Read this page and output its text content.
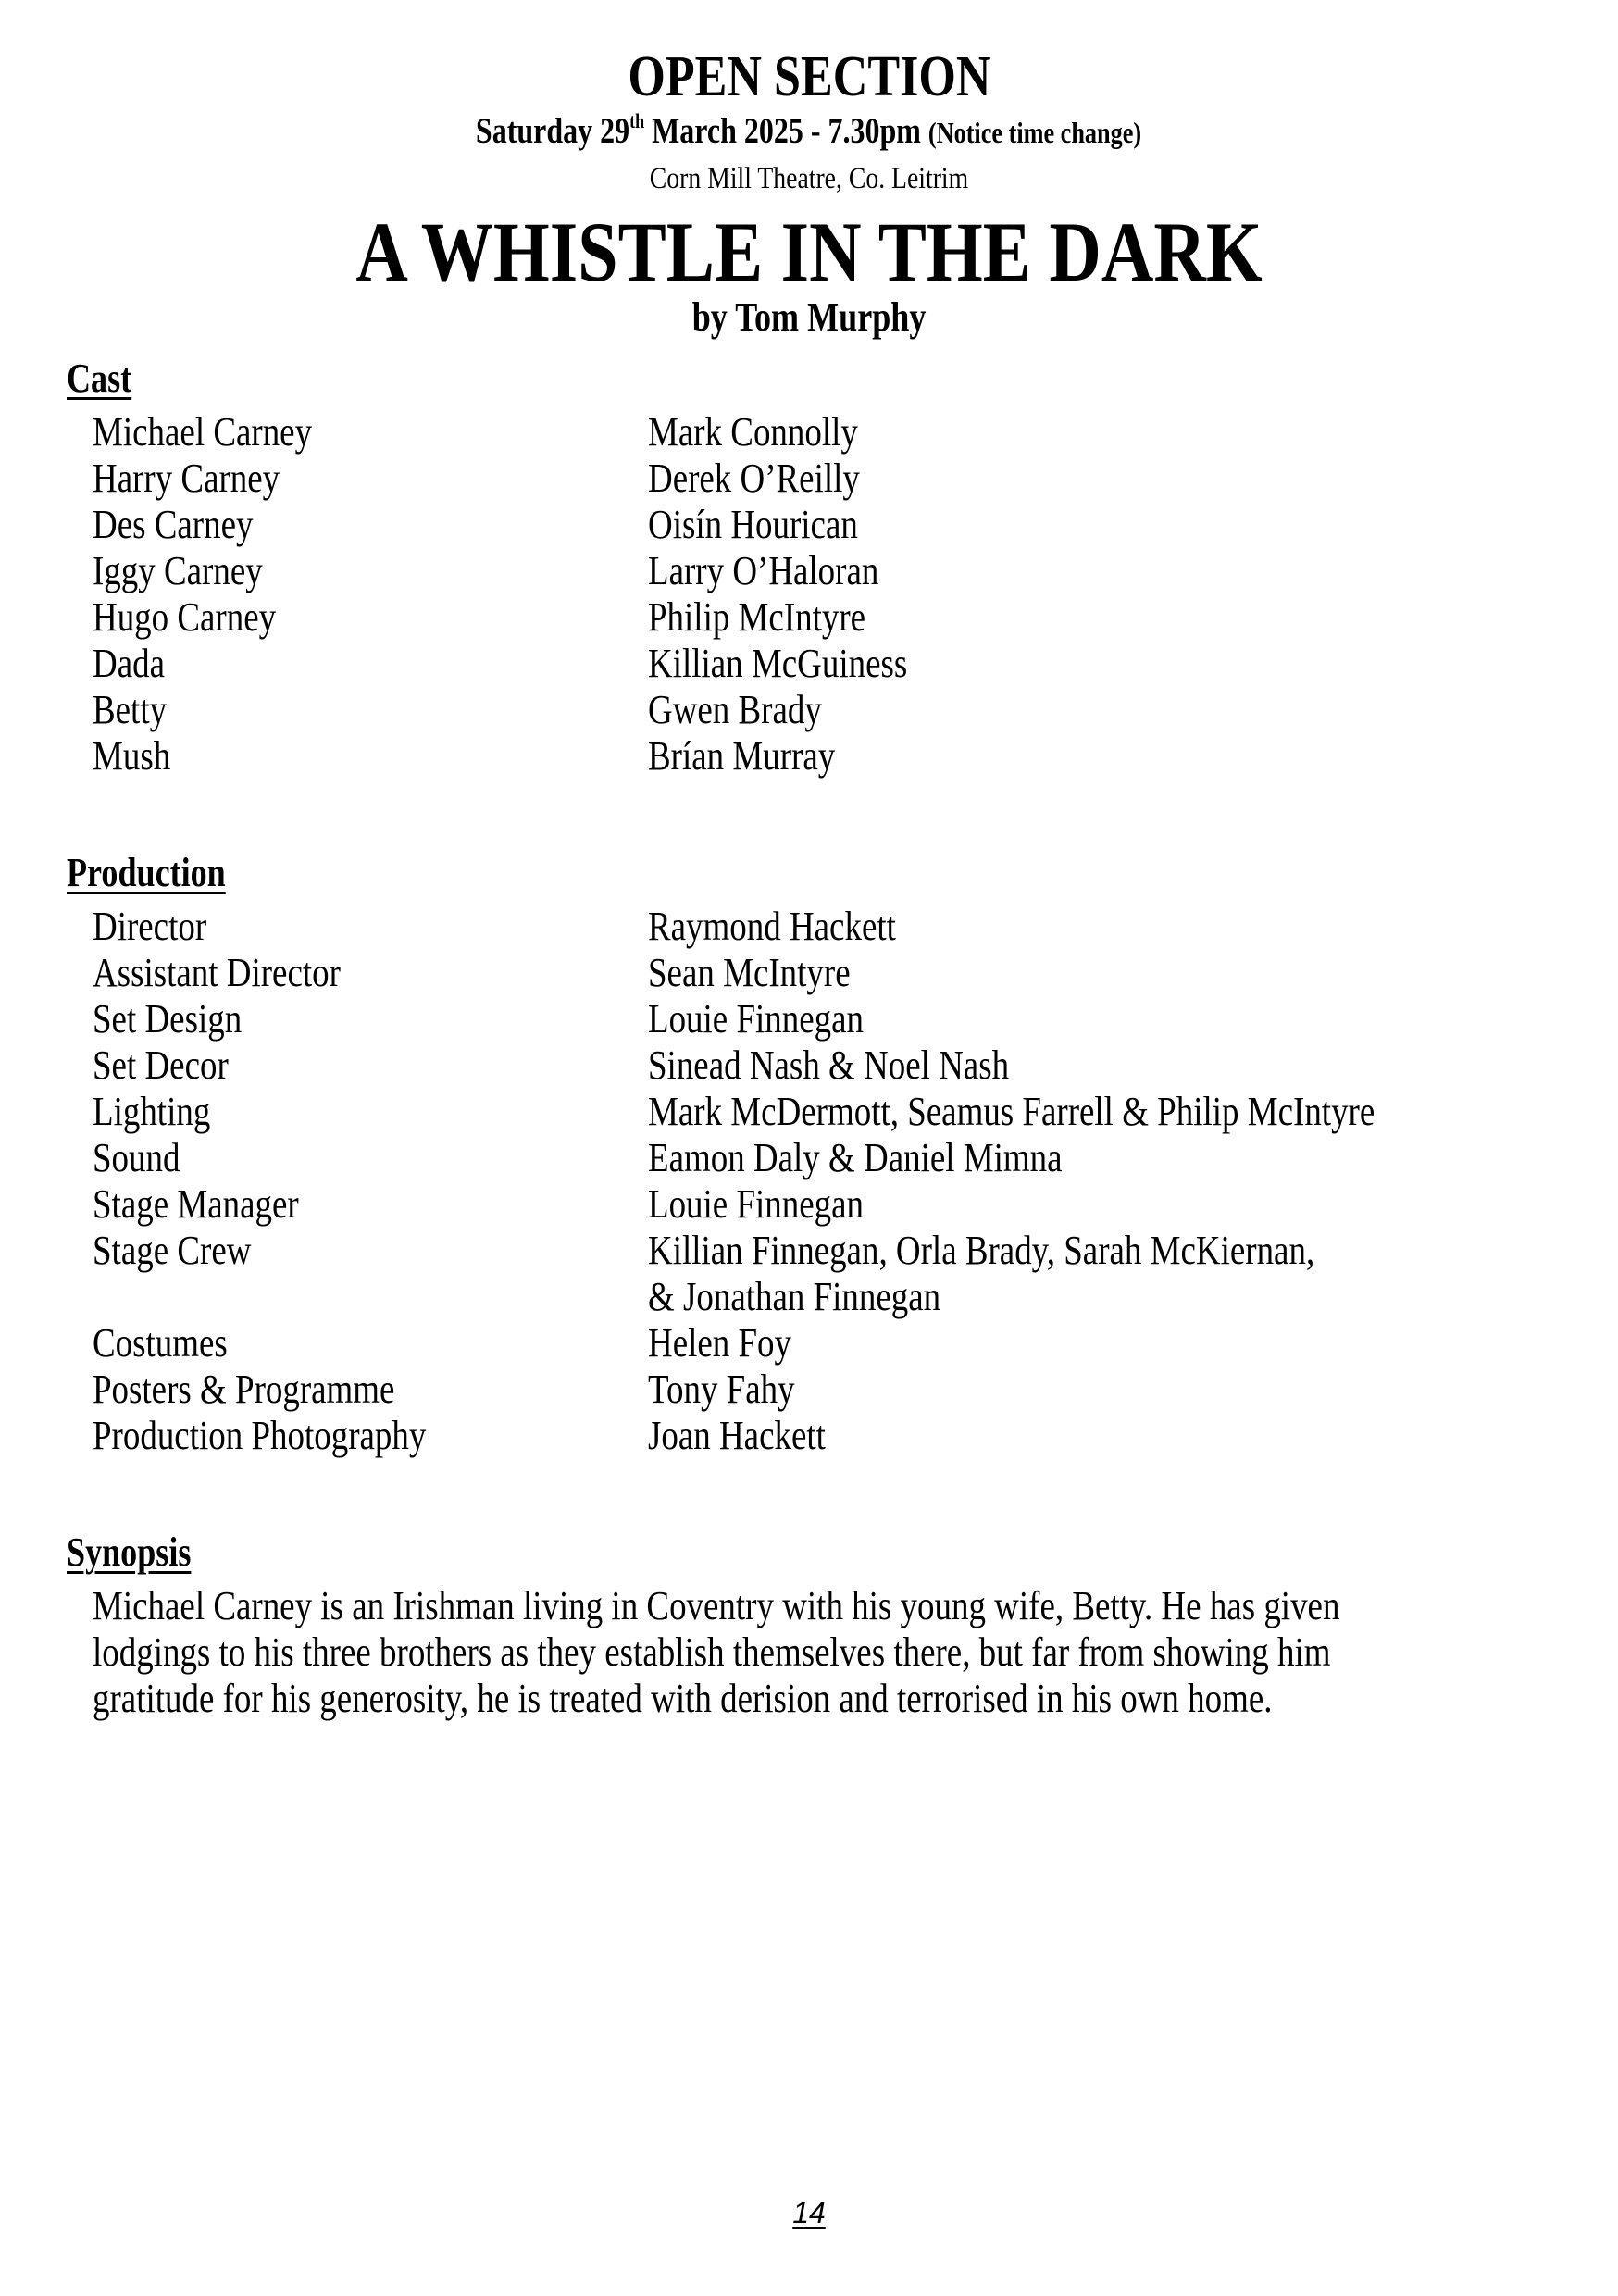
OPEN SECTION
Saturday 29th March 2025 - 7.30pm (Notice time change)
Corn Mill Theatre, Co. Leitrim
A WHISTLE IN THE DARK
by Tom Murphy
Cast
Michael Carney	Mark Connolly
Harry Carney	Derek O’Reilly
Des Carney	Oisín Hourican
Iggy Carney	Larry O’Haloran
Hugo Carney	Philip McIntyre
Dada	Killian McGuiness
Betty	Gwen Brady
Mush	Brían Murray
Production
Director	Raymond Hackett
Assistant Director	Sean McIntyre
Set Design	Louie Finnegan
Set Decor	Sinead Nash & Noel Nash
Lighting	Mark McDermott, Seamus Farrell & Philip McIntyre
Sound	Eamon Daly & Daniel Mimna
Stage Manager	Louie Finnegan
Stage Crew	Killian Finnegan, Orla Brady, Sarah McKiernan,
& Jonathan Finnegan
Costumes	Helen Foy
Posters & Programme	Tony Fahy
Production Photography	Joan Hackett
Synopsis
Michael Carney is an Irishman living in Coventry with his young wife, Betty. He has given
lodgings to his three brothers as they establish themselves there, but far from showing him
gratitude for his generosity, he is treated with derision and terrorised in his own home.
14
